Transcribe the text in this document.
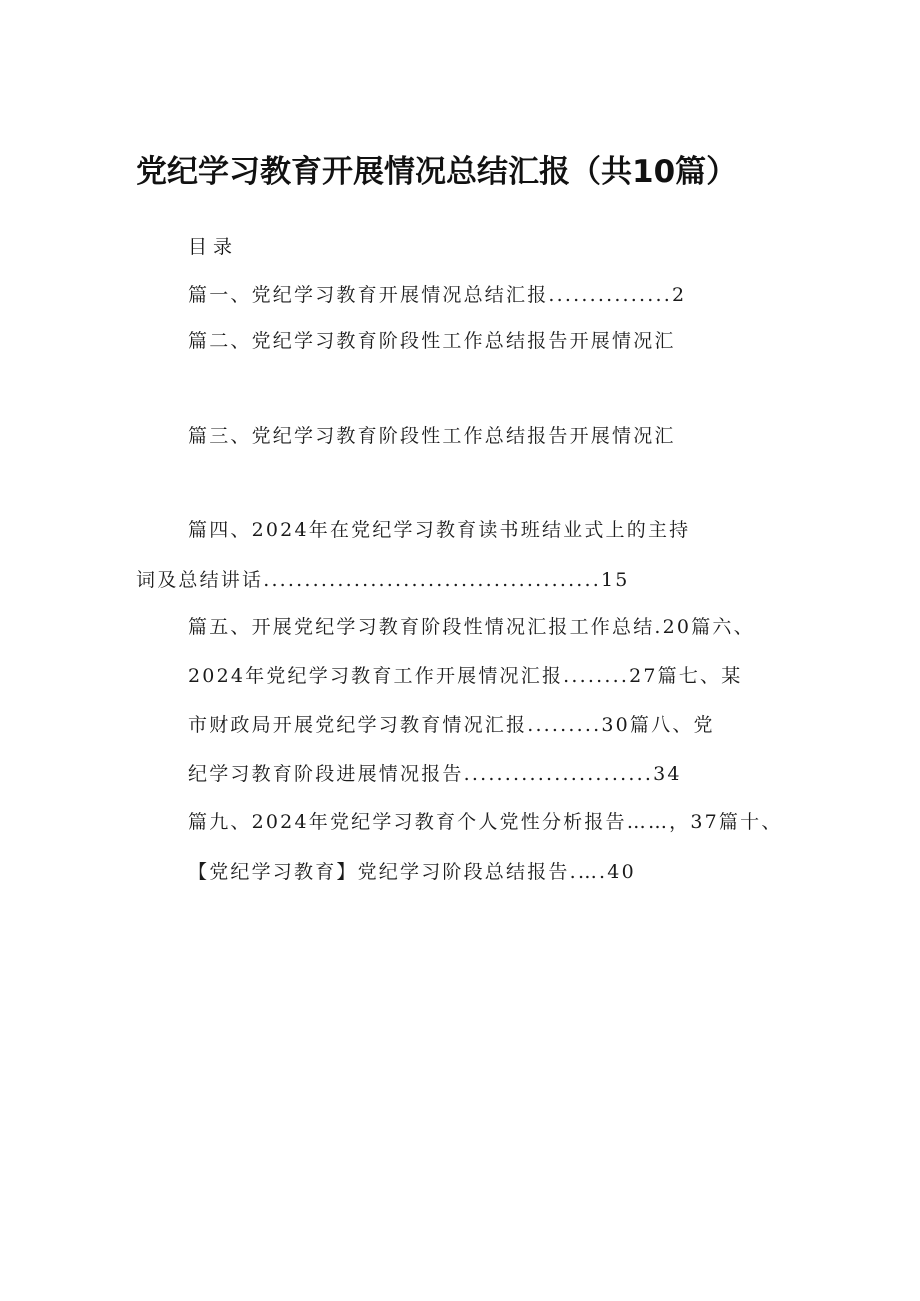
党纪学习教育开展情况总结汇报（共10篇）
目录
篇一、党纪学习教育开展情况总结汇报...............2
篇二、党纪学习教育阶段性工作总结报告开展情况汇
篇三、党纪学习教育阶段性工作总结报告开展情况汇
篇四、2024年在党纪学习教育读书班结业式上的主持
词及总结讲话.........................................15
篇五、开展党纪学习教育阶段性情况汇报工作总结.20篇六、
2024年党纪学习教育工作开展情况汇报........27篇七、某
市财政局开展党纪学习教育情况汇报.........30篇八、党
纪学习教育阶段进展情况报告.......................34
篇九、2024年党纪学习教育个人党性分析报告……，37篇十、
【党纪学习教育】党纪学习阶段总结报告.….40
